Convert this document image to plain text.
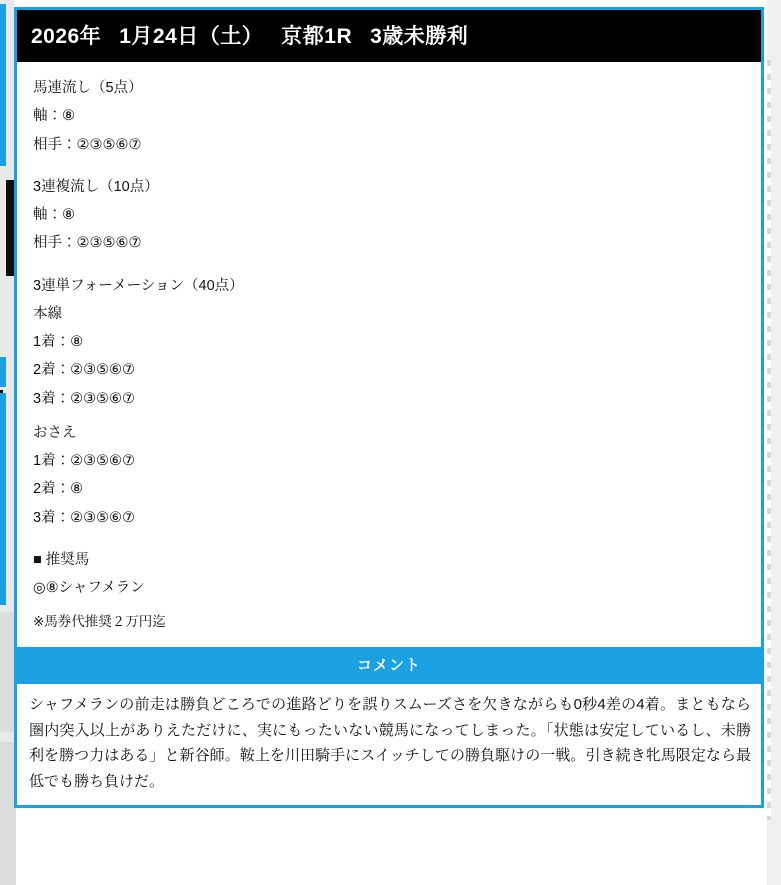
2026年 1月24日（土） 京都1R 3歳未勝利
馬連流し（5点）
軸：⑧
相手：②③⑤⑥⑦
3連複流し（10点）
軸：⑧
相手：②③⑤⑥⑦
3連単フォーメーション（40点）
本線
1着：⑧
2着：②③⑤⑥⑦
3着：②③⑤⑥⑦
おさえ
1着：②③⑤⑥⑦
2着：⑧
3着：②③⑤⑥⑦
■ 推奨馬
◎⑧シャフメラン
※馬券代推奨２万円迄
コメント
シャフメランの前走は勝負どころでの進路どりを誤りスムーズさを欠きながらも0秒4差の4着。まともなら圏内突入以上がありえただけに、実にもったいない競馬になってしまった。「状態は安定しているし、未勝利を勝つ力はある」と新谷師。鞍上を川田騎手にスイッチしての勝負駆けの一戦。引き続き牝馬限定なら最低でも勝ち負けだ。
